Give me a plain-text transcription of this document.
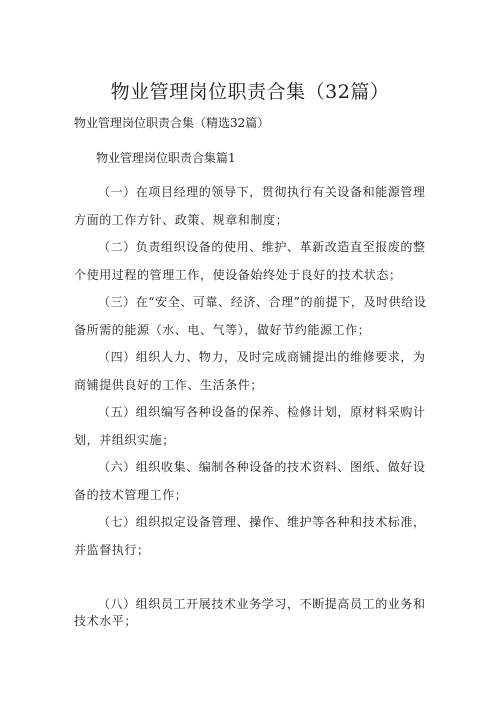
物业管理岗位职责合集（32篇）
物业管理岗位职责合集（精选32篇）
物业管理岗位职责合集篇1

（一）在项目经理的领导下，贯彻执行有关设备和能源管理方面的工作方针、政策、规章和制度；

（二）负责组织设备的使用、维护、革新改造直至报废的整个使用过程的管理工作，使设备始终处于良好的技术状态；

（三）在“安全、可靠、经济、合理”的前提下，及时供给设备所需的能源（水、电、气等），做好节约能源工作；

（四）组织人力、物力，及时完成商铺提出的维修要求，为商铺提供良好的工作、生活条件；

（五）组织编写各种设备的保养、检修计划，原材料采购计划，并组织实施；

（六）组织收集、编制各种设备的技术资料、图纸、做好设备的技术管理工作；

（七）组织拟定设备管理、操作、维护等各种和技术标准，并监督执行；

（八）组织员工开展技术业务学习，不断提高员工的业务和技术水平；
